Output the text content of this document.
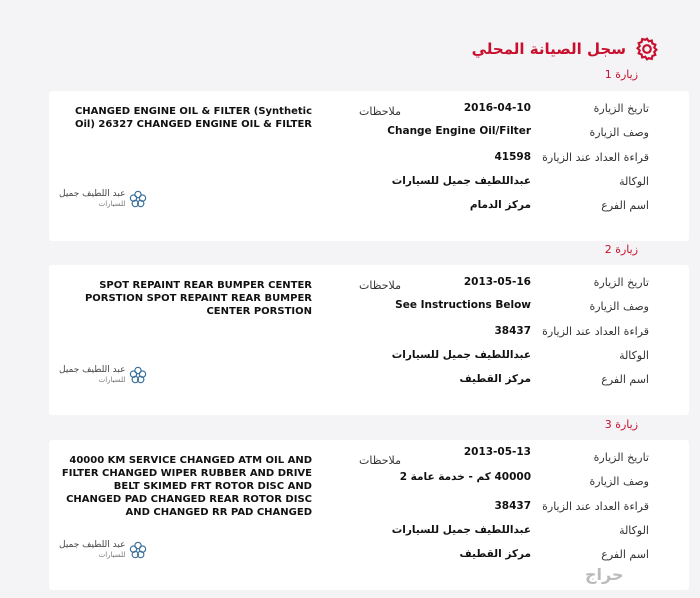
سجل الصيانة المحلي
زيارة 1
تاريخ الزيارة
2016-04-10
وصف الزيارة
Change Engine Oil/Filter
قراءة العداد عند الزيارة
41598
الوكالة
عبداللطيف جميل للسيارات
اسم الفرع
مركز الدمام
ملاحظات
CHANGED ENGINE OIL & FILTER (Synthetic Oil) 26327 CHANGED ENGINE OIL & FILTER
عبد اللطيف جميل
للسيارات
زيارة 2
تاريخ الزيارة
2013-05-16
وصف الزيارة
See Instructions Below
قراءة العداد عند الزيارة
38437
الوكالة
عبداللطيف جميل للسيارات
اسم الفرع
مركز القطيف
ملاحظات
SPOT REPAINT REAR BUMPER CENTER PORSTION SPOT REPAINT REAR BUMPER CENTER PORSTION
عبد اللطيف جميل
للسيارات
زيارة 3
تاريخ الزيارة
2013-05-13
وصف الزيارة
40000 كم - خدمة عامة 2
قراءة العداد عند الزيارة
38437
الوكالة
عبداللطيف جميل للسيارات
اسم الفرع
مركز القطيف
ملاحظات
40000 KM SERVICE CHANGED ATM OIL AND FILTER CHANGED WIPER RUBBER AND DRIVE BELT SKIMED FRT ROTOR DISC AND CHANGED PAD CHANGED REAR ROTOR DISC AND CHANGED RR PAD CHANGED
عبد اللطيف جميل
للسيارات
حراج
